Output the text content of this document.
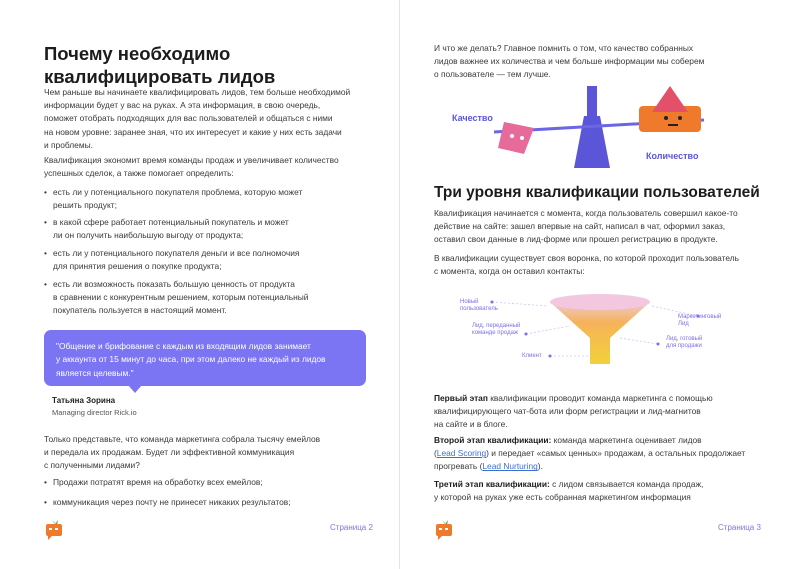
Почему необходимо
квалифицировать лидов
Чем раньше вы начинаете квалифицировать лидов, тем больше необходимой
информации будет у вас на руках. А эта информация, в свою очередь,
поможет отобрать подходящих для вас пользователей и общаться с ними
на новом уровне: заранее зная, что их интересует и какие у них есть задачи
и проблемы.
Квалификация экономит время команды продаж и увеличивает количество
успешных сделок, а также помогает определить:
• есть ли у потенциального покупателя проблема, которую может
решить продукт;
• в какой сфере работает потенциальный покупатель и может
ли он получить наибольшую выгоду от продукта;
• есть ли у потенциального покупателя деньги и все полномочия
для принятия решения о покупке продукта;
• есть ли возможность показать большую ценность от продукта
в сравнении с конкурентным решением, которым потенциальный
покупатель пользуется в настоящий момент.
"Общение и брифование с каждым из входящим лидов занимает
у аккаунта от 15 минут до часа, при этом далеко не каждый из лидов
является целевым."
Татьяна Зорина
Managing director Rick.io
Только представьте, что команда маркетинга собрала тысячу емейлов
и передала их продажам. Будет ли эффективной коммуникация
с полученными лидами?
• Продажи потратят время на обработку всех емейлов;
• коммуникация через почту не принесет никаких результатов;
Страница 2
И что же делать? Главное помнить о том, что качество собранных
лидов важнее их количества и чем больше информации мы соберем
о пользователе — тем лучше.
Качество
Количество
Три уровня квалификации пользователей
Квалификация начинается с момента, когда пользователь совершил какое-то
действие на сайте: зашел впервые на сайт, написал в чат, оформил заказ,
оставил свои данные в лид-форме или прошел регистрацию в продукте.
В квалификации существует своя воронка, по которой проходит пользователь
с момента, когда он оставил контакты:
Новый
пользователь
Маркетинговый
Лид
Лид, переданный
команде продаж
Лид, готовый
для продажи
Клиент
Первый этап квалификации проводит команда маркетинга с помощью
квалифицирующего чат-бота или форм регистрации и лид-магнитов
на сайте и в блоге.
Второй этап квалификации: команда маркетинга оценивает лидов
(Lead Scoring) и передает «самых ценных» продажам, а остальных продолжает
прогревать (Lead Nurturing).
Третий этап квалификации: с лидом связывается команда продаж,
у которой на руках уже есть собранная маркетингом информация
Страница 3
